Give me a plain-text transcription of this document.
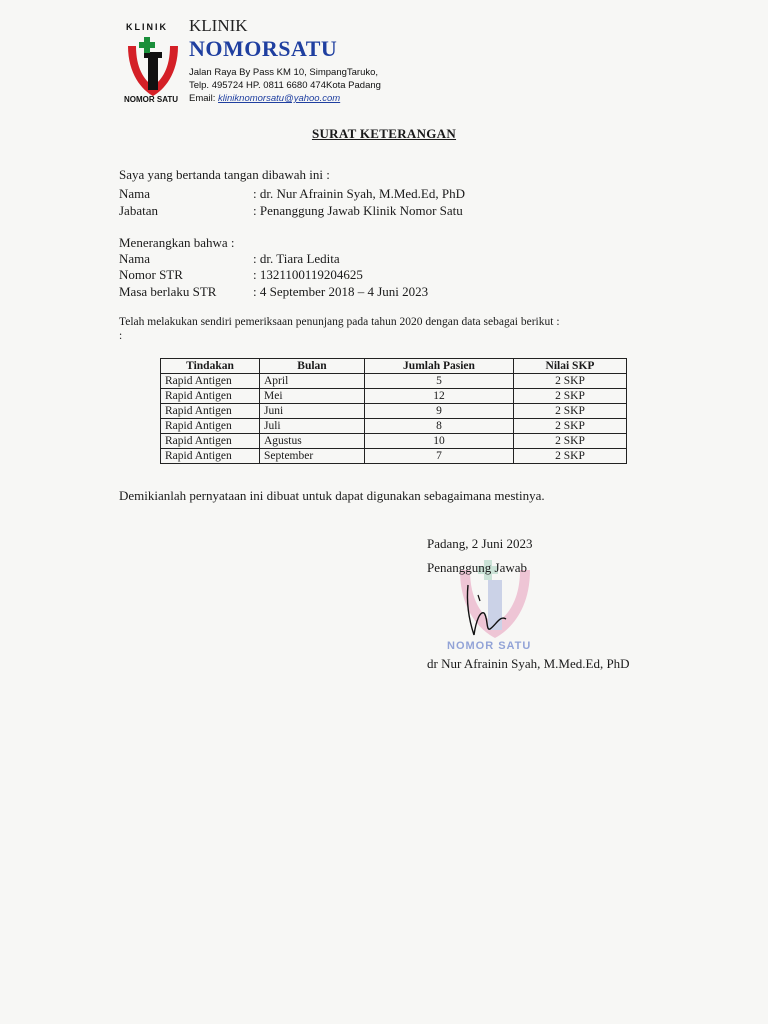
KLINIK
NOMOR SATU
KLINIK
NOMORSATU
Jalan Raya By Pass KM 10, SimpangTaruko,
Telp. 495724 HP. 0811 6680 474Kota Padang
Email: kliniknomorsatu@yahoo.com
SURAT KETERANGAN
Saya yang bertanda tangan dibawah ini :
Nama	: dr. Nur Afrainin Syah, M.Med.Ed, PhD
Jabatan	: Penanggung Jawab Klinik Nomor Satu
Menerangkan bahwa :
Nama	: dr. Tiara Ledita
Nomor STR	: 1321100119204625
Masa berlaku STR	: 4 September 2018 – 4 Juni 2023
Telah melakukan sendiri pemeriksaan penunjang pada tahun 2020 dengan data sebagai berikut :
:
Tindakan	Bulan	Jumlah Pasien	Nilai SKP
Rapid Antigen	April	5	2 SKP
Rapid Antigen	Mei	12	2 SKP
Rapid Antigen	Juni	9	2 SKP
Rapid Antigen	Juli	8	2 SKP
Rapid Antigen	Agustus	10	2 SKP
Rapid Antigen	September	7	2 SKP
Demikianlah pernyataan ini dibuat untuk dapat digunakan sebagaimana mestinya.
NOMOR SATU
Padang, 2 Juni 2023
Penanggung Jawab
dr Nur Afrainin Syah, M.Med.Ed, PhD
